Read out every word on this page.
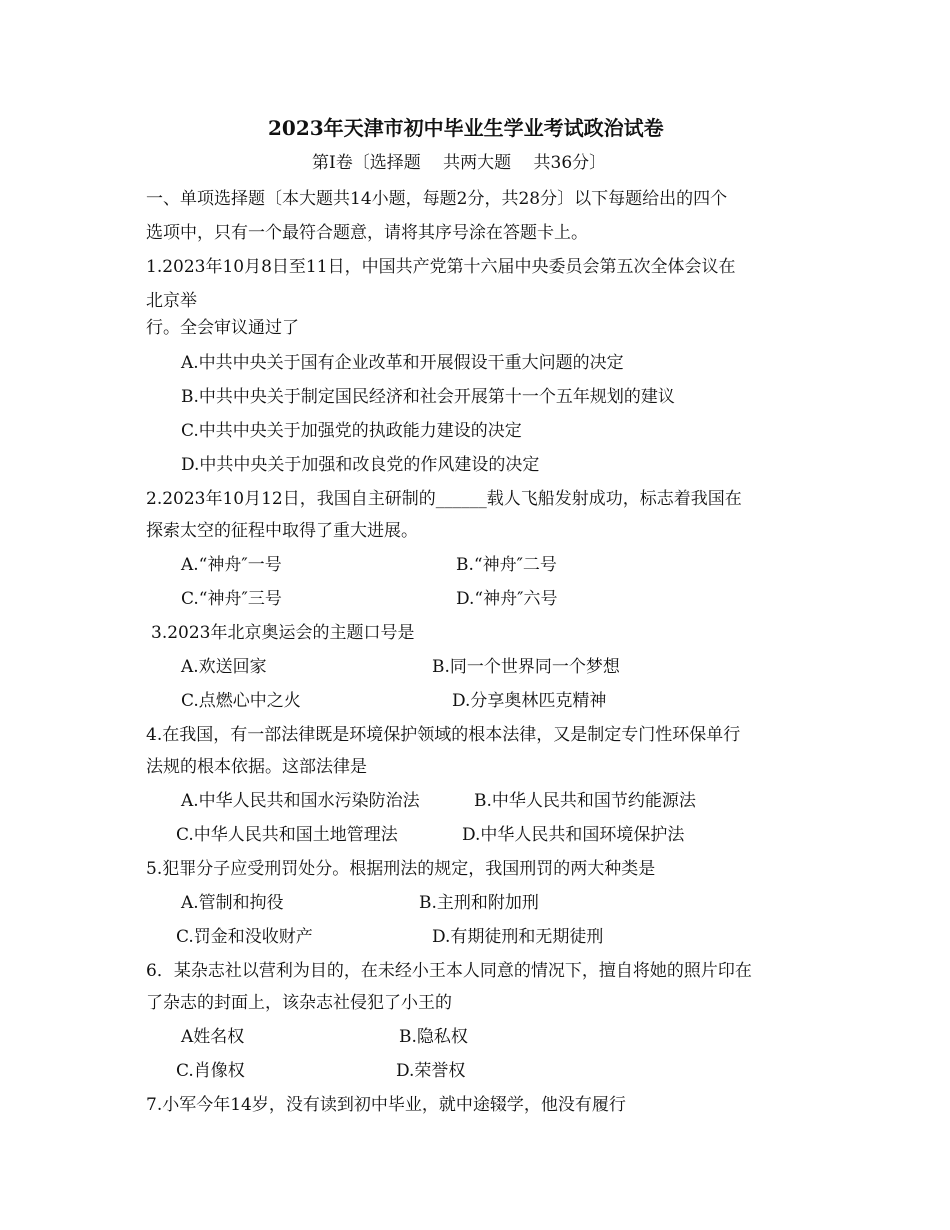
2023年天津市初中毕业生学业考试政治试卷
第Ⅰ卷〔选择题　 共两大题　 共36分〕
一、单项选择题〔本大题共14小题，每题2分，共28分〕以下每题给出的四个
选项中，只有一个最符合题意，请将其序号涂在答题卡上。
1.2023年10月8日至11日，中国共产党第十六届中央委员会第五次全体会议在
北京举
行。全会审议通过了
A.中共中央关于国有企业改革和开展假设干重大问题的决定
B.中共中央关于制定国民经济和社会开展第十一个五年规划的建议
C.中共中央关于加强党的执政能力建设的决定
D.中共中央关于加强和改良党的作风建设的决定
2.2023年10月12日，我国自主研制的______载人飞船发射成功，标志着我国在
探索太空的征程中取得了重大进展。
A.“神舟″一号	B.“神舟″二号
C.“神舟″三号	D.“神舟″六号
3.2023年北京奥运会的主题口号是
A.欢送回家	B.同一个世界同一个梦想
C.点燃心中之火	D.分享奥林匹克精神
4.在我国，有一部法律既是环境保护领域的根本法律，又是制定专门性环保单行
法规的根本依据。这部法律是
A.中华人民共和国水污染防治法	B.中华人民共和国节约能源法
C.中华人民共和国土地管理法	D.中华人民共和国环境保护法
5.犯罪分子应受刑罚处分。根据刑法的规定，我国刑罚的两大种类是
A.管制和拘役	B.主刑和附加刑
C.罚金和没收财产	D.有期徒刑和无期徒刑
6．某杂志社以营利为目的，在未经小王本人同意的情况下，擅自将她的照片印在
了杂志的封面上，该杂志社侵犯了小王的
A姓名权	B.隐私权
C.肖像权	D.荣誉权
7.小军今年14岁，没有读到初中毕业，就中途辍学，他没有履行
